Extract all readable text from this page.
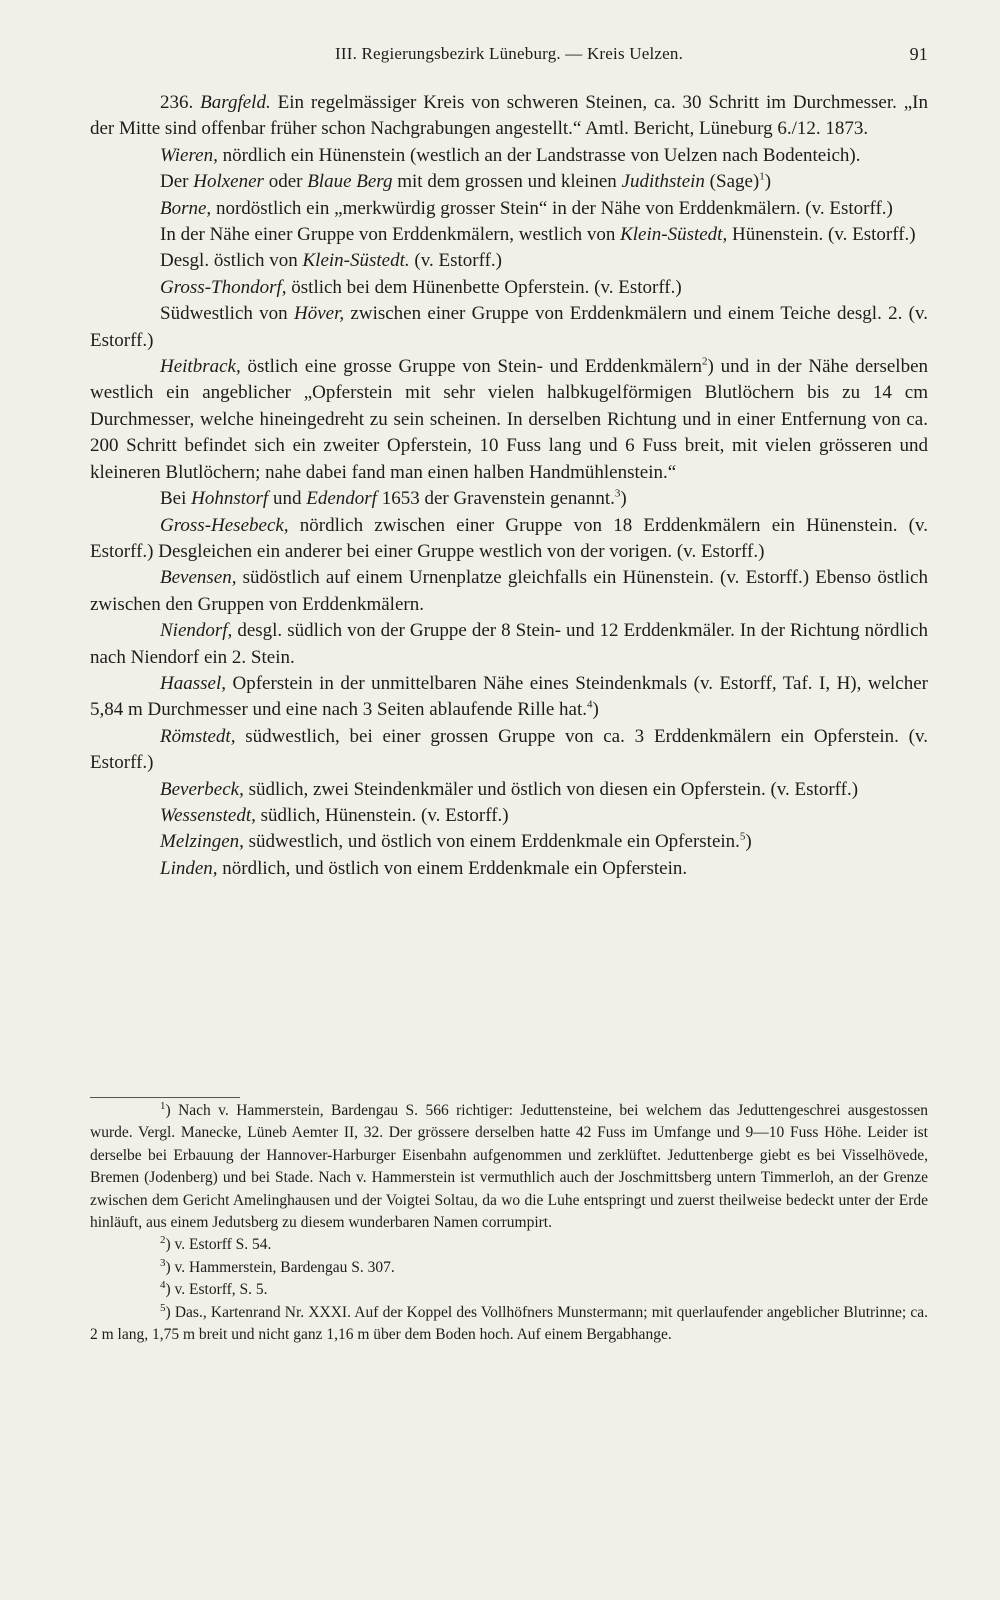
III. Regierungsbezirk Lüneburg. — Kreis Uelzen.	91

236. Bargfeld. Ein regelmässiger Kreis von schweren Steinen, ca. 30 Schritt im Durchmesser. „In der Mitte sind offenbar früher schon Nachgrabungen angestellt.“ Amtl. Bericht, Lüneburg 6./12. 1873.

Wieren, nördlich ein Hünenstein (westlich an der Landstrasse von Uelzen nach Bodenteich).

Der Holxener oder Blaue Berg mit dem grossen und kleinen Judithstein (Sage)$^1$)

Borne, nordöstlich ein „merkwürdig grosser Stein“ in der Nähe von Erddenkmälern. (v. Estorff.)

In der Nähe einer Gruppe von Erddenkmälern, westlich von Klein-Süstedt, Hünenstein. (v. Estorff.)

Desgl. östlich von Klein-Süstedt. (v. Estorff.)

Gross-Thondorf, östlich bei dem Hünenbette Opferstein. (v. Estorff.)

Südwestlich von Höver, zwischen einer Gruppe von Erddenkmälern und einem Teiche desgl. 2. (v. Estorff.)

Heitbrack, östlich eine grosse Gruppe von Stein- und Erddenkmälern$^2$) und in der Nähe derselben westlich ein angeblicher „Opferstein mit sehr vielen halbkugelförmigen Blutlöchern bis zu 14 cm Durchmesser, welche hineingedreht zu sein scheinen. In derselben Richtung und in einer Entfernung von ca. 200 Schritt befindet sich ein zweiter Opferstein, 10 Fuss lang und 6 Fuss breit, mit vielen grösseren und kleineren Blutlöchern; nahe dabei fand man einen halben Handmühlenstein.“

Bei Hohnstorf und Edendorf 1653 der Gravenstein genannt.$^3$)

Gross-Hesebeck, nördlich zwischen einer Gruppe von 18 Erddenkmälern ein Hünenstein. (v. Estorff.) Desgleichen ein anderer bei einer Gruppe westlich von der vorigen. (v. Estorff.)

Bevensen, südöstlich auf einem Urnenplatze gleichfalls ein Hünenstein. (v. Estorff.) Ebenso östlich zwischen den Gruppen von Erddenkmälern.

Niendorf, desgl. südlich von der Gruppe der 8 Stein- und 12 Erddenkmäler. In der Richtung nördlich nach Niendorf ein 2. Stein.

Haassel, Opferstein in der unmittelbaren Nähe eines Steindenkmals (v. Estorff, Taf. I, H), welcher 5,84 m Durchmesser und eine nach 3 Seiten ablaufende Rille hat.$^4$)

Römstedt, südwestlich, bei einer grossen Gruppe von ca. 3 Erddenkmälern ein Opferstein. (v. Estorff.)

Beverbeck, südlich, zwei Steindenkmäler und östlich von diesen ein Opferstein. (v. Estorff.)

Wessenstedt, südlich, Hünenstein. (v. Estorff.)

Melzingen, südwestlich, und östlich von einem Erddenkmale ein Opferstein.$^5$)

Linden, nördlich, und östlich von einem Erddenkmale ein Opferstein.

$^1$) Nach v. Hammerstein, Bardengau S. 566 richtiger: Jeduttensteine, bei welchem das Jeduttengeschrei ausgestossen wurde. Vergl. Manecke, Lüneb Aemter II, 32. Der grössere derselben hatte 42 Fuss im Umfange und 9—10 Fuss Höhe. Leider ist derselbe bei Erbauung der Hannover-Harburger Eisenbahn aufgenommen und zerklüftet. Jeduttenberge giebt es bei Visselhövede, Bremen (Jodenberg) und bei Stade. Nach v. Hammerstein ist vermuthlich auch der Joschmittsberg untern Timmerloh, an der Grenze zwischen dem Gericht Amelinghausen und der Voigtei Soltau, da wo die Luhe entspringt und zuerst theilweise bedeckt unter der Erde hinläuft, aus einem Jedutsberg zu diesem wunderbaren Namen corrumpirt.

$^2$) v. Estorff S. 54.

$^3$) v. Hammerstein, Bardengau S. 307.

$^4$) v. Estorff, S. 5.

$^5$) Das., Kartenrand Nr. XXXI. Auf der Koppel des Vollhöfners Munstermann; mit querlaufender angeblicher Blutrinne; ca. 2 m lang, 1,75 m breit und nicht ganz 1,16 m über dem Boden hoch. Auf einem Bergabhange.
